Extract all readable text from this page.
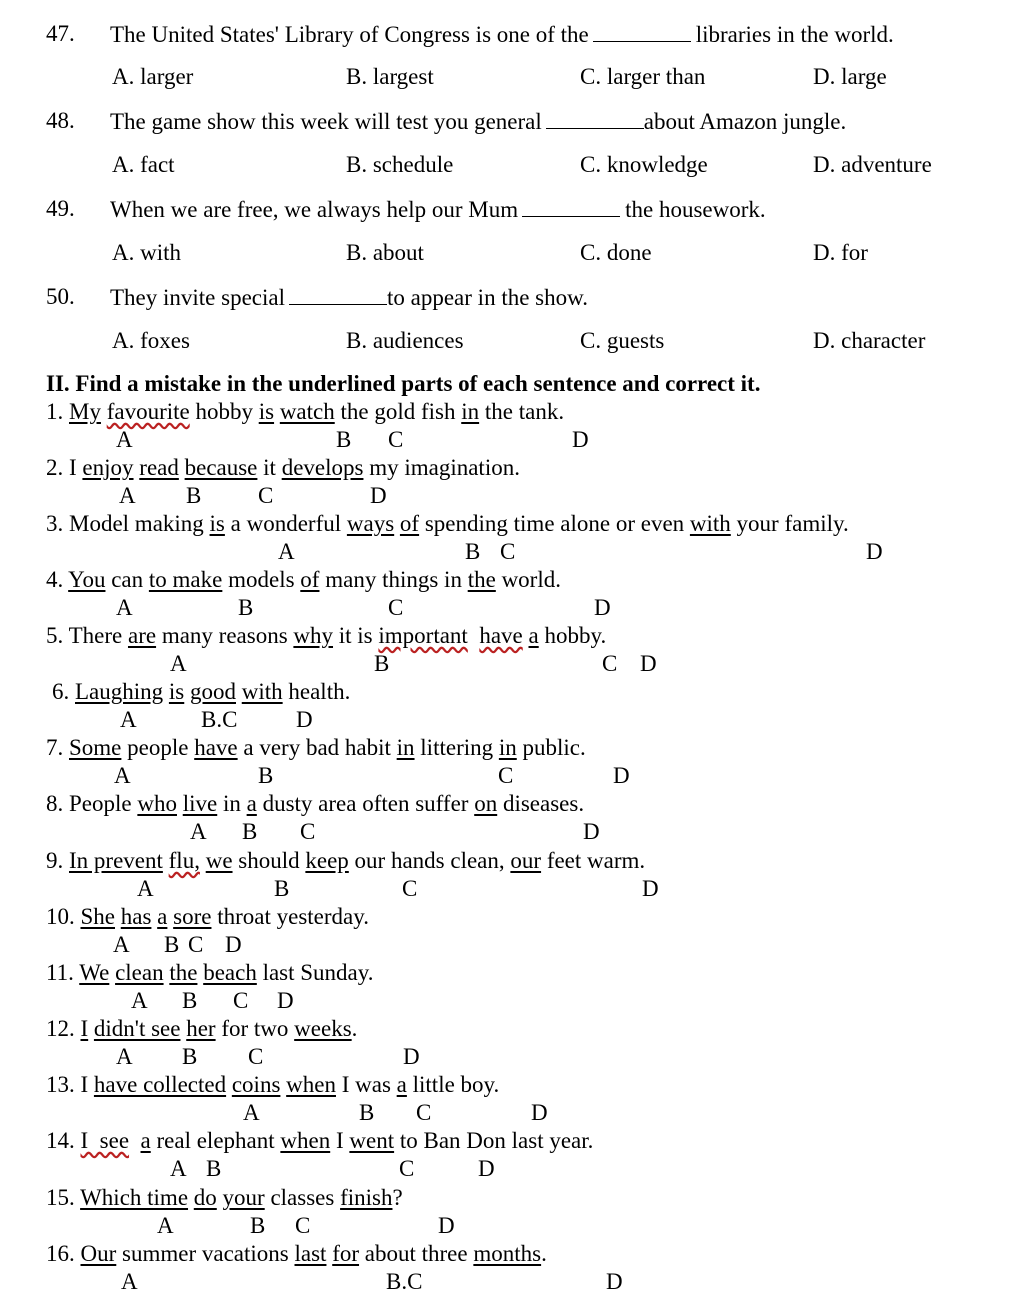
47. The United States' Library of Congress is one of the	libraries in the world.
A. larger	B. largest	C. larger than	D. large
48. The game show this week will test you general	about Amazon jungle.
A. fact	B. schedule	C. knowledge	D. adventure
49. When we are free, we always help our Mum	the housework.
A. with	B. about	C. done	D. for
50. They invite special	to appear in the show.
A. foxes	B. audiences	C. guests	D. character
II. Find a mistake in the underlined parts of each sentence and correct it.
1. My favourite hobby is watch the gold fish in the tank.
A	B C	D
2. I enjoy read because it develops my imagination.
A B C	D
3. Model making is a wonderful ways of spending time alone or even with your family.
A	B C	D
4. You can to make models of many things in the world.
A	B	C	D
5. There are many reasons why it is important have a hobby.
A	B	C D
6. Laughing is good with health.
A	B.C	D
7. Some people have a very bad habit in littering in public.
A	B	C	D
8. People who live in a dusty area often suffer on diseases.
A B C	D
9. In prevent flu, we should keep our hands clean, our feet warm.
A	B	C	D
10. She has a sore throat yesterday.
A B C D
11. We clean the beach last Sunday.
A B C D
12. I didn't see her for two weeks.
A B C	D
13. I have collected coins when I was a little boy.
A	B C	D
14. I  see a real elephant when I went to Ban Don last year.
A B	C	D
15. Which time do your classes finish?
A	B C	D
16. Our summer vacations last for about three months.
A	B.C	D
